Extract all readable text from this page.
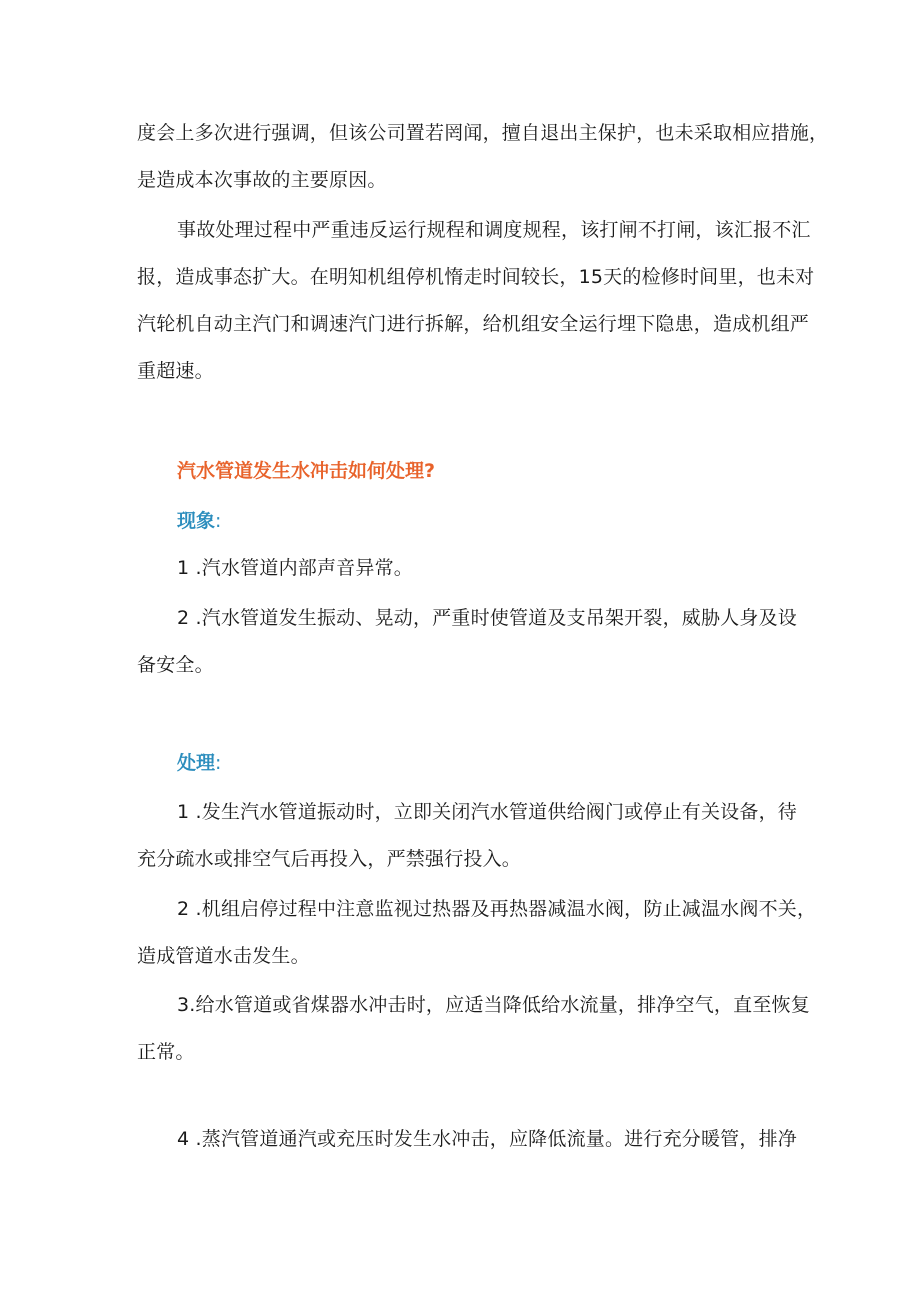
度会上多次进行强调，但该公司置若罔闻，擅自退出主保护，也未采取相应措施，
是造成本次事故的主要原因。
事故处理过程中严重违反运行规程和调度规程，该打闸不打闸，该汇报不汇
报，造成事态扩大。在明知机组停机惰走时间较长，15天的检修时间里，也未对
汽轮机自动主汽门和调速汽门进行拆解，给机组安全运行埋下隐患，造成机组严
重超速。
汽水管道发生水冲击如何处理?
现象:
1 .汽水管道内部声音异常。
2 .汽水管道发生振动、晃动，严重时使管道及支吊架开裂，威胁人身及设
备安全。
处理:
1 .发生汽水管道振动时，立即关闭汽水管道供给阀门或停止有关设备，待
充分疏水或排空气后再投入，严禁强行投入。
2 .机组启停过程中注意监视过热器及再热器减温水阀，防止减温水阀不关，
造成管道水击发生。
3.给水管道或省煤器水冲击时，应适当降低给水流量，排净空气，直至恢复
正常。
4 .蒸汽管道通汽或充压时发生水冲击，应降低流量。进行充分暖管，排净
